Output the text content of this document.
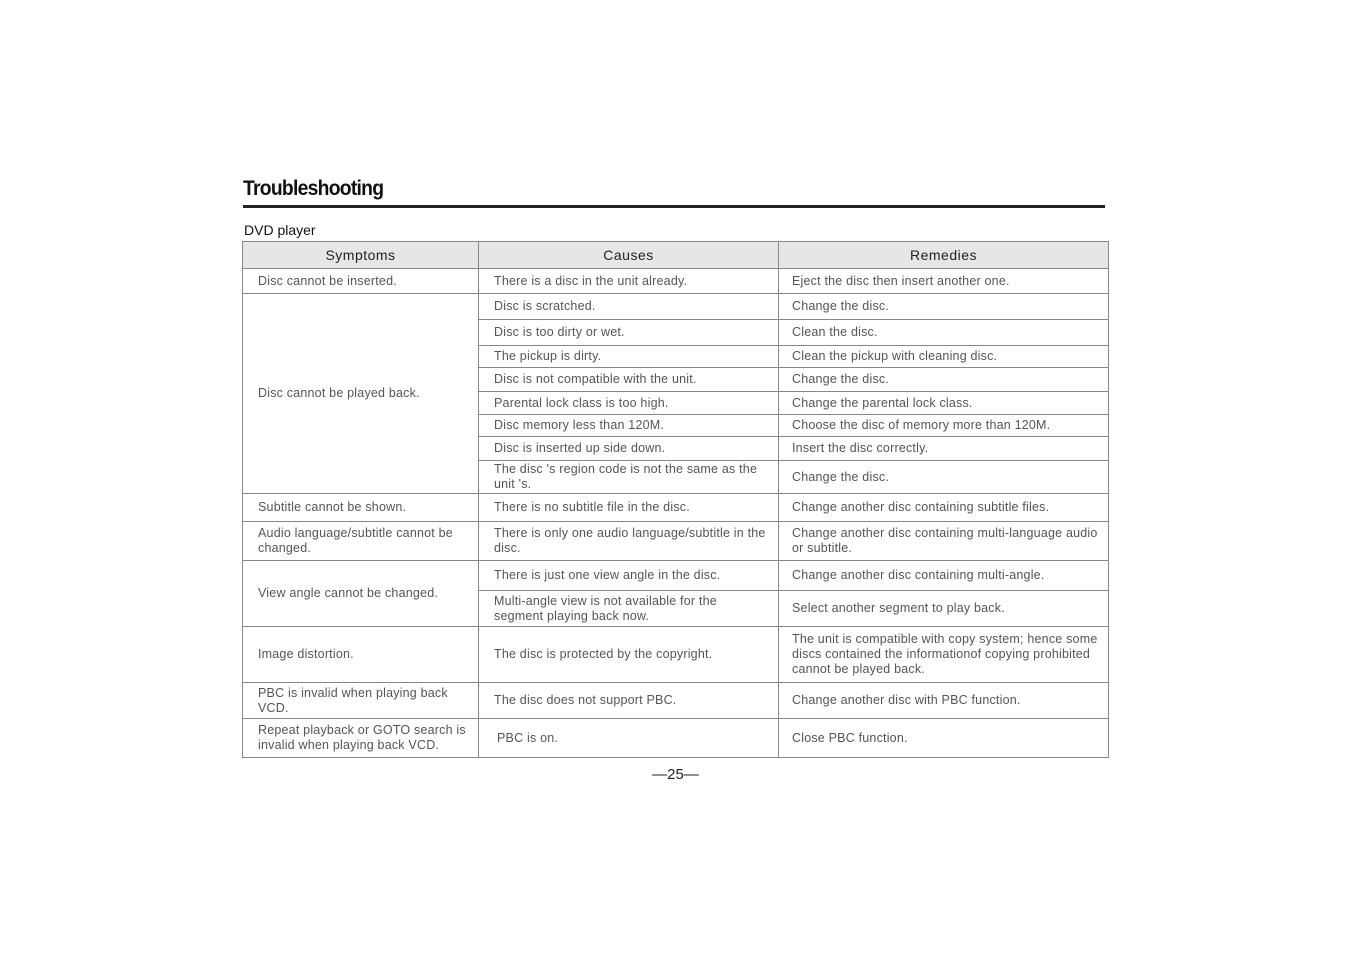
Troubleshooting
DVD player
Symptoms	Causes	Remedies
Disc cannot be inserted.	There is a disc in the unit already.	Eject the disc then insert another one.
Disc cannot be played back.	Disc is scratched.	Change the disc.
	Disc is too dirty or wet.	Clean the disc.
	The pickup is dirty.	Clean the pickup with cleaning disc.
	Disc is not compatible with the unit.	Change the disc.
	Parental lock class is too high.	Change the parental lock class.
	Disc memory less than 120M.	Choose the disc of memory more than 120M.
	Disc is inserted up side down.	Insert the disc correctly.
	The disc 's region code is not the same as the unit 's.	Change the disc.
Subtitle cannot be shown.	There is no subtitle file in the disc.	Change another disc containing subtitle files.
Audio language/subtitle cannot be changed.	There is only one audio language/subtitle in the disc.	Change another disc containing multi-language audio or subtitle.
View angle cannot be changed.	There is just one view angle in the disc.	Change another disc containing multi-angle.
	Multi-angle view is not available for the segment playing back now.	Select another segment to play back.
Image distortion.	The disc is protected by the copyright.	The unit is compatible with copy system; hence some discs contained the informationof copying prohibited cannot be played back.
PBC is invalid when playing back VCD.	The disc does not support PBC.	Change another disc with PBC function.
Repeat playback or GOTO search is invalid when playing back VCD.	PBC is on.	Close PBC function.
—25—
